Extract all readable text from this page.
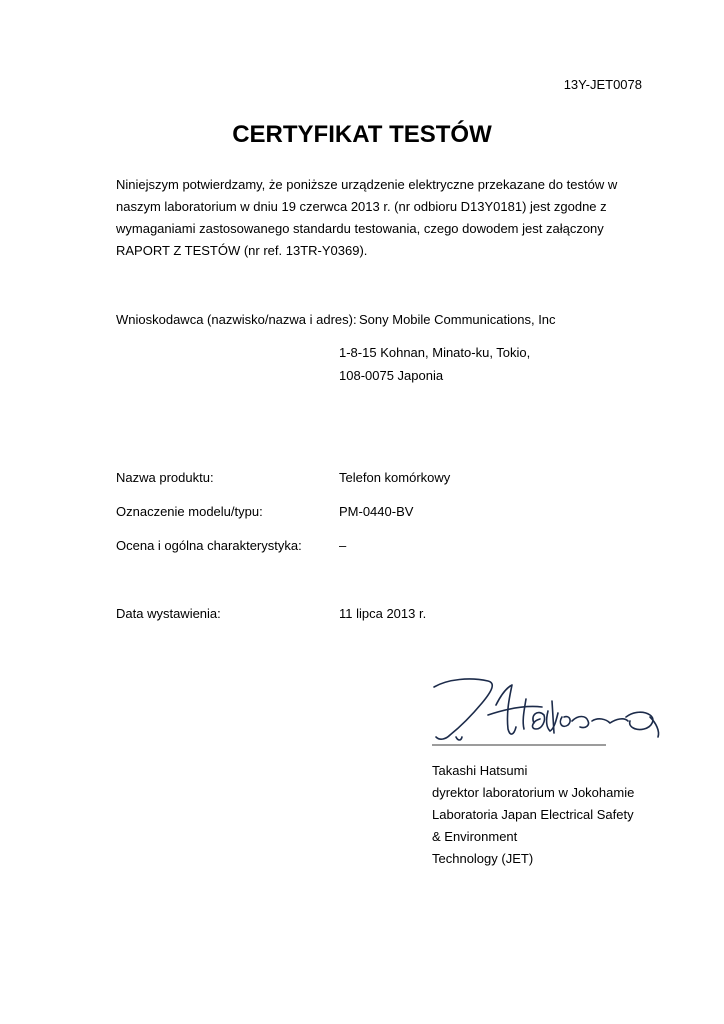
13Y-JET0078
CERTYFIKAT TESTÓW
Niniejszym potwierdzamy, że poniższe urządzenie elektryczne przekazane do testów w
naszym laboratorium w dniu 19 czerwca 2013 r. (nr odbioru D13Y0181) jest zgodne z
wymaganiami zastosowanego standardu testowania, czego dowodem jest załączony
RAPORT Z TESTÓW (nr ref. 13TR-Y0369).
Wnioskodawca (nazwisko/nazwa i adres): Sony Mobile Communications, Inc
1-8-15 Kohnan, Minato-ku, Tokio,
108-0075 Japonia
Nazwa produktu:	Telefon komórkowy
Oznaczenie modelu/typu:	PM-0440-BV
Ocena i ogólna charakterystyka:	–
Data wystawienia:	11 lipca 2013 r.
Takashi Hatsumi
dyrektor laboratorium w Jokohamie
Laboratoria Japan Electrical Safety
& Environment
Technology (JET)
